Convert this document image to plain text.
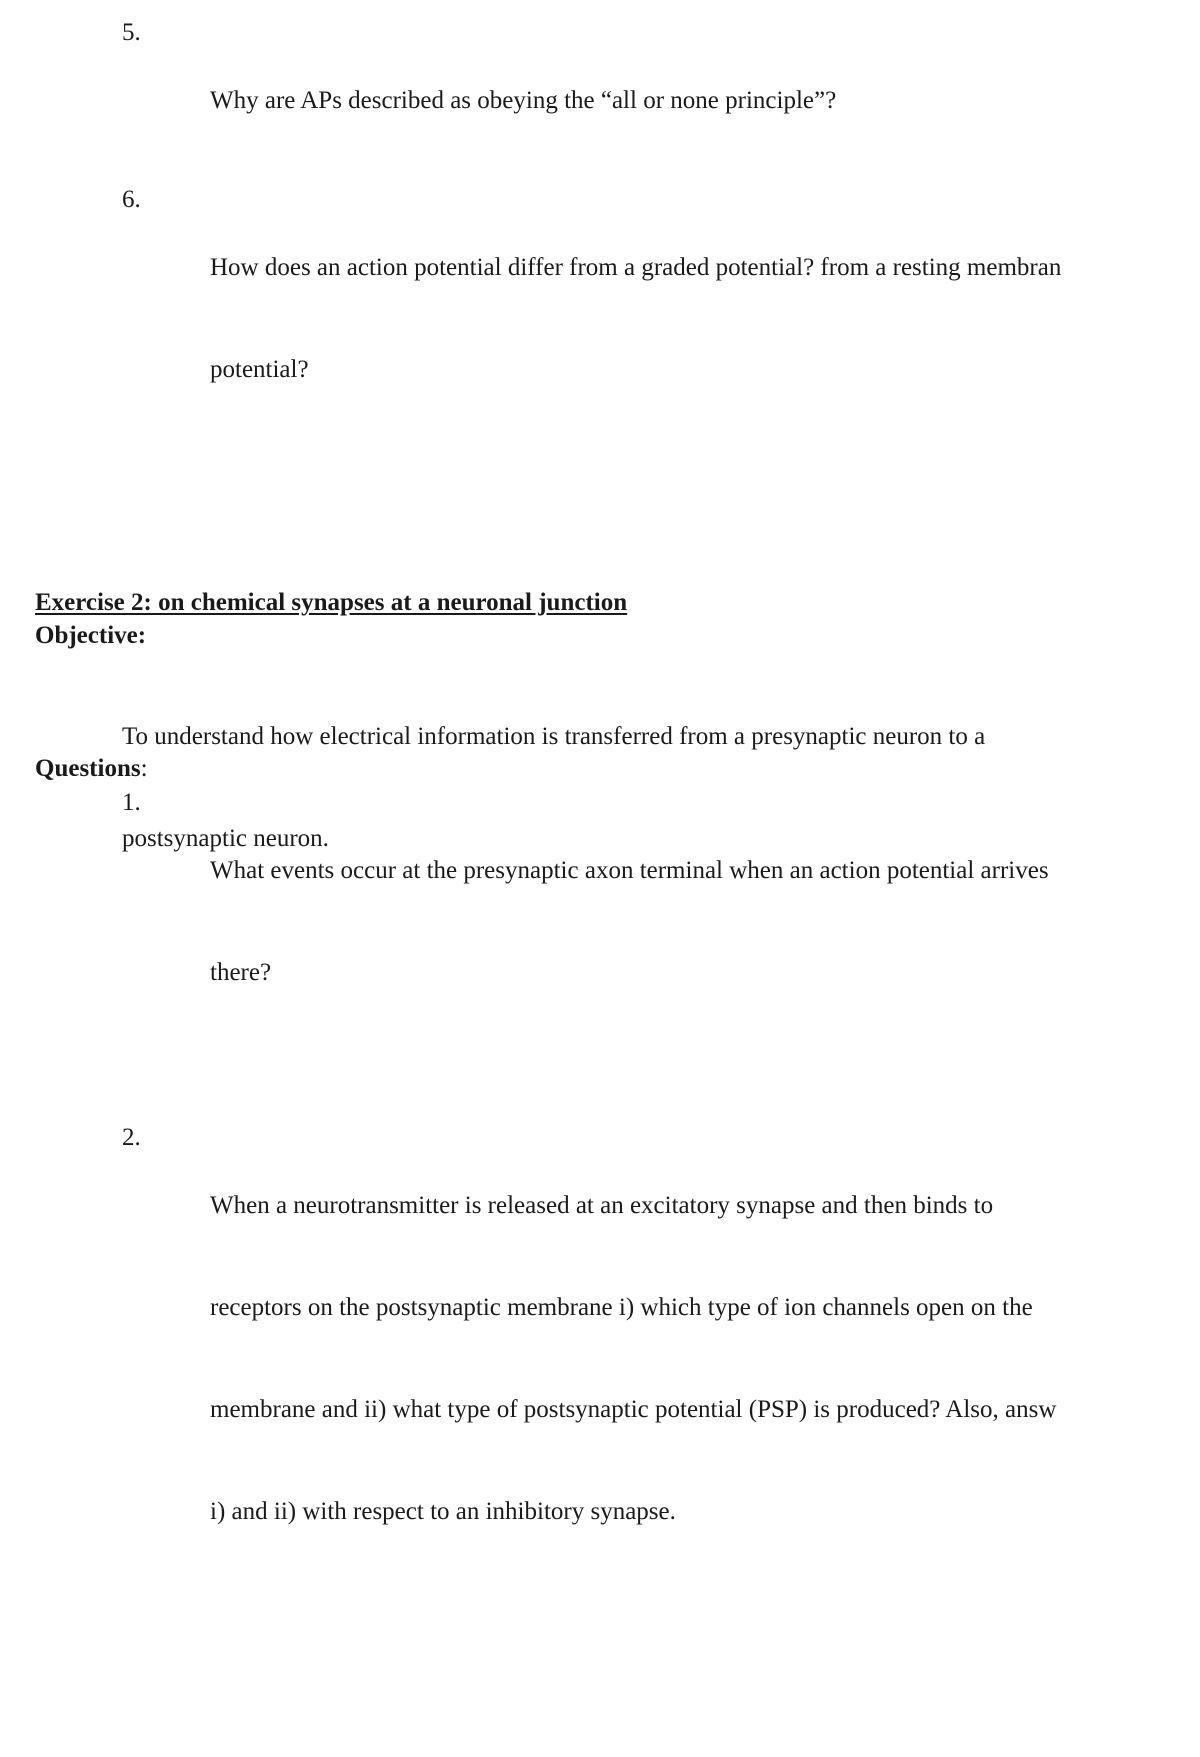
5.

Why are APs described as obeying the “all or none principle”?

6.

How does an action potential differ from a graded potential? from a resting membran

potential?

Exercise 2: on chemical synapses at a neuronal junction
Objective:

To understand how electrical information is transferred from a presynaptic neuron to a

postsynaptic neuron.

Questions:
1.

What events occur at the presynaptic axon terminal when an action potential arrives

there?

2.

When a neurotransmitter is released at an excitatory synapse and then binds to

receptors on the postsynaptic membrane i) which type of ion channels open on the

membrane and ii) what type of postsynaptic potential (PSP) is produced? Also, answ

i) and ii) with respect to an inhibitory synapse.
